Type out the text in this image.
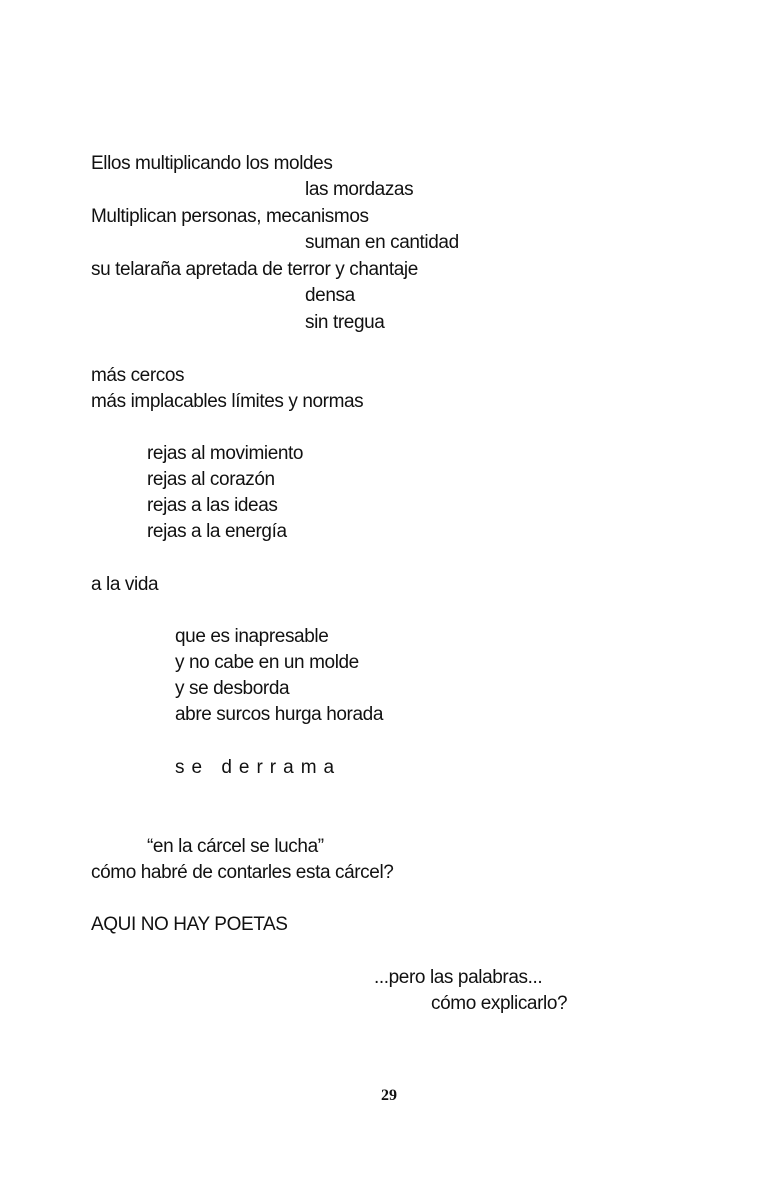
Ellos multiplicando los moldes
las mordazas
Multiplican personas, mecanismos
suman en cantidad
su telaraña apretada de terror y chantaje
densa
sin tregua
más cercos
más implacables límites y normas
rejas al movimiento
rejas al corazón
rejas a las ideas
rejas a la energía
a la vida
que es inapresable
y no cabe en un molde
y se desborda
abre surcos hurga horada
se derrama
“en la cárcel se lucha”
cómo habré de contarles esta cárcel?
AQUI NO HAY POETAS
...pero las palabras...
cómo explicarlo?
29
